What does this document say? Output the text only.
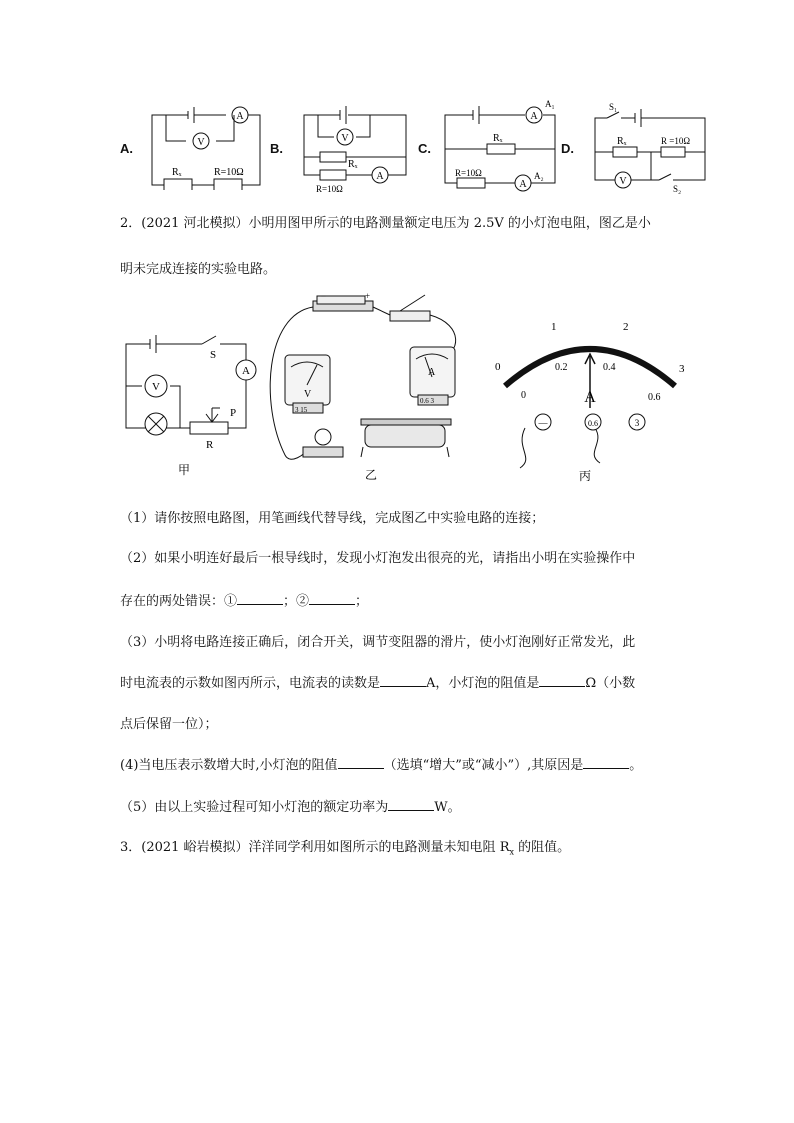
A.	B.	C.	D.
A
V
Rₓ	R=10Ω
Rₓ
R=10Ω
A
V
A
A₁
Rₓ
R=10Ω
A
A₂
S₁
Rₓ	R =10Ω
V
S₂
2．(2021 河北模拟）小明用图甲所示的电路测量额定电压为 2.5V 的小灯泡电阻，图乙是小
明未完成连接的实验电路。
S
A
V
P
R
甲
−	+
V
3 15
A
0.6 3
乙
0
1	2
3
0
0.2	0.4
0.6
A
—	0.6	3
丙
（1）请你按照电路图，用笔画线代替导线，完成图乙中实验电路的连接；
（2）如果小明连好最后一根导线时，发现小灯泡发出很亮的光，请指出小明在实验操作中
存在的两处错误：①	；②	；
（3）小明将电路连接正确后，闭合开关，调节变阻器的滑片，使小灯泡刚好正常发光，此
时电流表的示数如图丙所示，电流表的读数是	A，小灯泡的阻值是	Ω（小数
点后保留一位）；
(4)当电压表示数增大时,小灯泡的阻值	（选填“增大”或“减小”）,其原因是	。
（5）由以上实验过程可知小灯泡的额定功率为	W。
3．(2021 峪岩模拟）洋洋同学利用如图所示的电路测量未知电阻 $R_x$ 的阻值。
